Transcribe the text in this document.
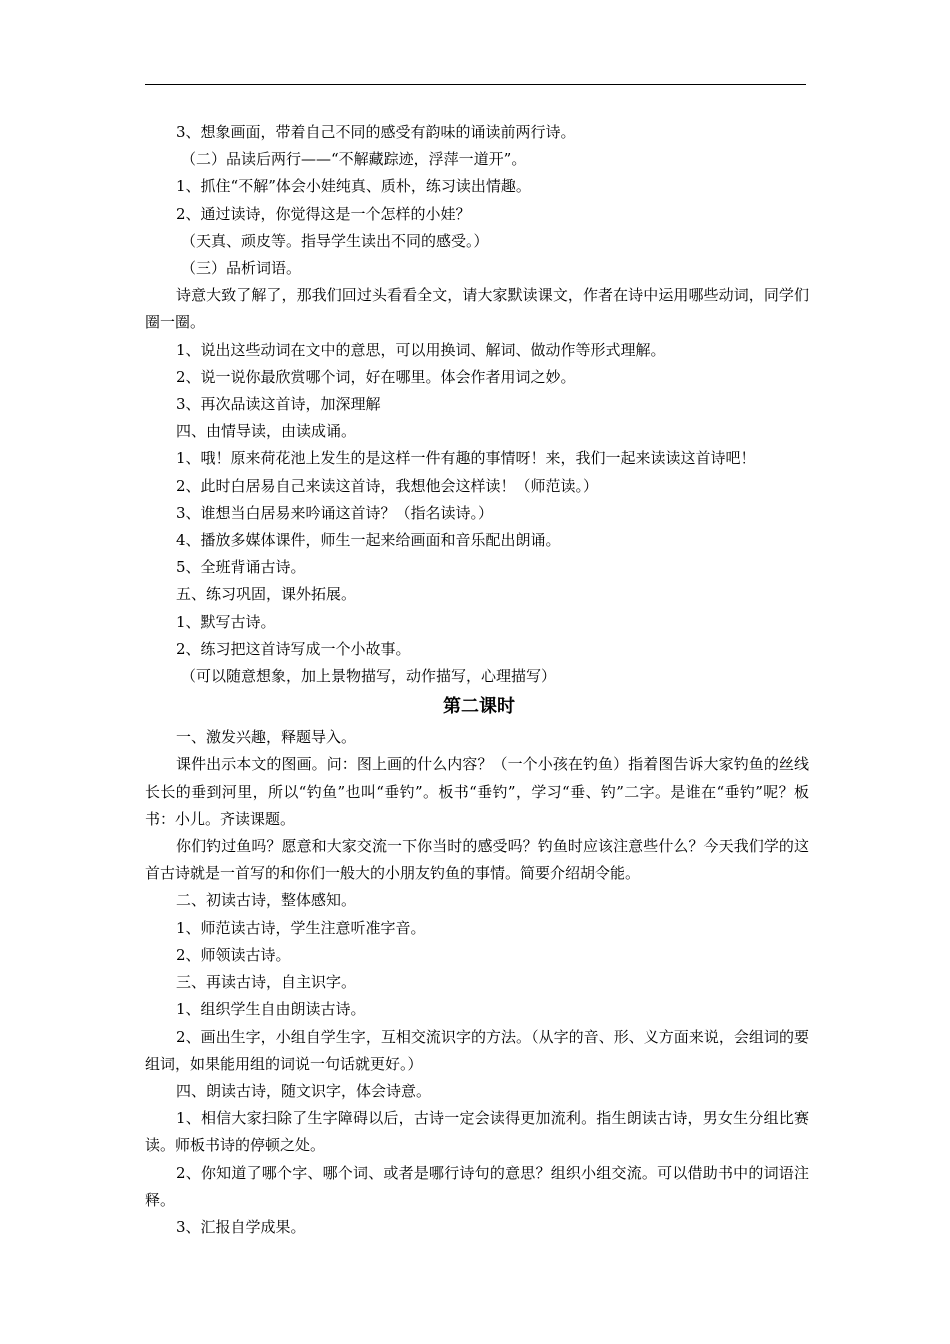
3、想象画面，带着自己不同的感受有韵味的诵读前两行诗。

（二）品读后两行——“不解藏踪迹，浮萍一道开”。

1、抓住“不解”体会小娃纯真、质朴，练习读出情趣。

2、通过读诗，你觉得这是一个怎样的小娃？

（天真、顽皮等。指导学生读出不同的感受。）

（三）品析词语。

诗意大致了解了，那我们回过头看看全文，请大家默读课文，作者在诗中运用哪些动词，同学们圈一圈。

1、说出这些动词在文中的意思，可以用换词、解词、做动作等形式理解。

2、说一说你最欣赏哪个词，好在哪里。体会作者用词之妙。

3、再次品读这首诗，加深理解

四、由情导读，由读成诵。

1、哦！原来荷花池上发生的是这样一件有趣的事情呀！来，我们一起来读读这首诗吧！

2、此时白居易自己来读这首诗，我想他会这样读！（师范读。）

3、谁想当白居易来吟诵这首诗？（指名读诗。）

4、播放多媒体课件，师生一起来给画面和音乐配出朗诵。

5、全班背诵古诗。

五、练习巩固，课外拓展。

1、默写古诗。

2、练习把这首诗写成一个小故事。

（可以随意想象，加上景物描写，动作描写，心理描写）

第二课时

一、激发兴趣，释题导入。

课件出示本文的图画。问：图上画的什么内容？（一个小孩在钓鱼）指着图告诉大家钓鱼的丝线长长的垂到河里，所以“钓鱼”也叫“垂钓”。板书“垂钓”，学习“垂、钓”二字。是谁在“垂钓”呢？板书：小儿。齐读课题。

你们钓过鱼吗？愿意和大家交流一下你当时的感受吗？钓鱼时应该注意些什么？今天我们学的这首古诗就是一首写的和你们一般大的小朋友钓鱼的事情。简要介绍胡令能。

二、初读古诗，整体感知。

1、师范读古诗，学生注意听准字音。

2、师领读古诗。

三、再读古诗，自主识字。

1、组织学生自由朗读古诗。

2、画出生字，小组自学生字，互相交流识字的方法。（从字的音、形、义方面来说，会组词的要组词，如果能用组的词说一句话就更好。）

四、朗读古诗，随文识字，体会诗意。

1、相信大家扫除了生字障碍以后，古诗一定会读得更加流利。指生朗读古诗，男女生分组比赛读。师板书诗的停顿之处。

2、你知道了哪个字、哪个词、或者是哪行诗句的意思？组织小组交流。可以借助书中的词语注释。

3、汇报自学成果。
